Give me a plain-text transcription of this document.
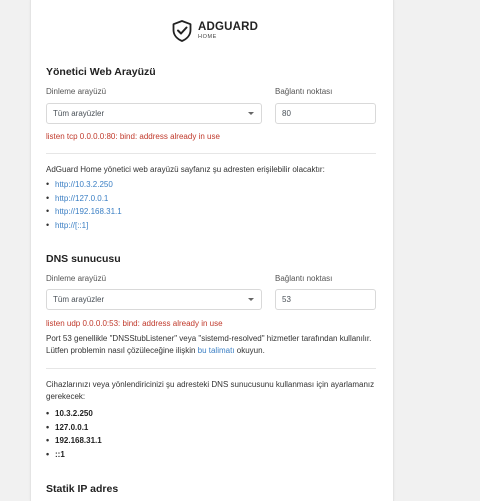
ADGUARD
HOME
Yönetici Web Arayüzü
Dinleme arayüzü
Tüm arayüzler
Bağlantı noktası
80
listen tcp 0.0.0.0:80: bind: address already in use
AdGuard Home yönetici web arayüzü sayfanız şu adresten erişilebilir olacaktır:
• http://10.3.2.250
• http://127.0.0.1
• http://192.168.31.1
• http://[::1]
DNS sunucusu
Dinleme arayüzü
Tüm arayüzler
Bağlantı noktası
53
listen udp 0.0.0.0:53: bind: address already in use
Port 53 genellikle "DNSStubListener" veya "sistemd-resolved" hizmetler tarafından kullanılır. Lütfen problemin nasıl çözüleceğine ilişkin bu talimatı okuyun.
Cihazlarınızı veya yönlendiricinizi şu adresteki DNS sunucusunu kullanması için ayarlamanız gerekecek:
• 10.3.2.250
• 127.0.0.1
• 192.168.31.1
• ::1
Statik IP adres
